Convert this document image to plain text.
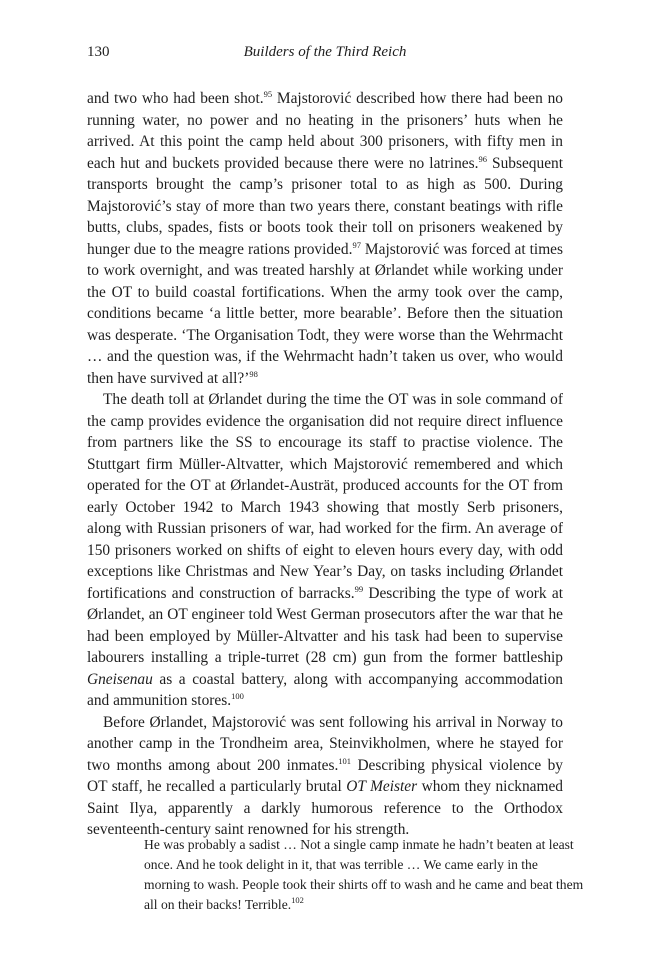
130	Builders of the Third Reich

and two who had been shot.$^{95}$ Majstorović described how there had been no running water, no power and no heating in the prisoners’ huts when he arrived. At this point the camp held about 300 prisoners, with fifty men in each hut and buckets provided because there were no latrines.$^{96}$ Subsequent transports brought the camp’s prisoner total to as high as 500. During Majstorović’s stay of more than two years there, constant beatings with rifle butts, clubs, spades, fists or boots took their toll on prisoners weakened by hunger due to the meagre rations provided.$^{97}$ Majstorović was forced at times to work overnight, and was treated harshly at Ørlandet while working under the OT to build coastal fortifications. When the army took over the camp, conditions became ‘a little better, more bearable’. Before then the situation was desperate. ‘The Organisation Todt, they were worse than the Wehrmacht … and the question was, if the Wehrmacht hadn’t taken us over, who would then have survived at all?’$^{98}$

The death toll at Ørlandet during the time the OT was in sole command of the camp provides evidence the organisation did not require direct influence from partners like the SS to encourage its staff to practise violence. The Stuttgart firm Müller-Altvatter, which Majstorović remembered and which operated for the OT at Ørlandet-Austrät, produced accounts for the OT from early October 1942 to March 1943 showing that mostly Serb prisoners, along with Russian prisoners of war, had worked for the firm. An average of 150 prisoners worked on shifts of eight to eleven hours every day, with odd exceptions like Christmas and New Year’s Day, on tasks including Ørlandet fortifications and construction of barracks.$^{99}$ Describing the type of work at Ørlandet, an OT engineer told West German prosecutors after the war that he had been employed by Müller-Altvatter and his task had been to supervise labourers installing a triple-turret (28 cm) gun from the former battleship Gneisenau as a coastal battery, along with accompanying accommodation and ammunition stores.$^{100}$

Before Ørlandet, Majstorović was sent following his arrival in Norway to another camp in the Trondheim area, Steinvikholmen, where he stayed for two months among about 200 inmates.$^{101}$ Describing physical violence by OT staff, he recalled a particularly brutal OT Meister whom they nicknamed Saint Ilya, apparently a darkly humorous reference to the Orthodox seventeenth-century saint renowned for his strength.

He was probably a sadist … Not a single camp inmate he hadn’t beaten at least once. And he took delight in it, that was terrible … We came early in the morning to wash. People took their shirts off to wash and he came and beat them all on their backs! Terrible.$^{102}$
